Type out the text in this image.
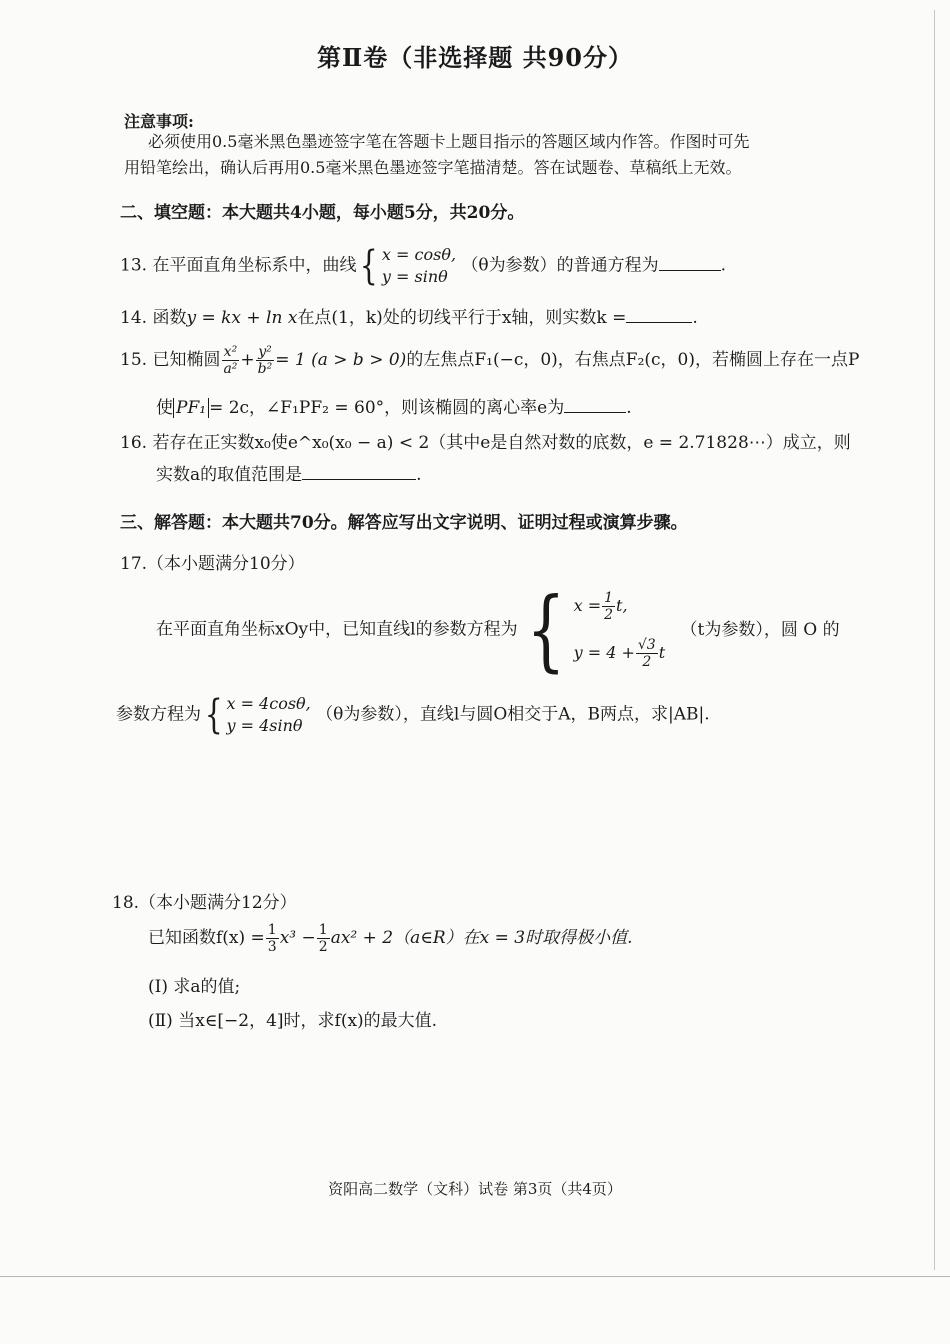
第Ⅱ卷（非选择题 共90分）
注意事项:
必须使用0.5毫米黑色墨迹签字笔在答题卡上题目指示的答题区域内作答。作图时可先
用铅笔绘出，确认后再用0.5毫米黑色墨迹签字笔描清楚。答在试题卷、草稿纸上无效。
二、填空题：本大题共4小题，每小题5分，共20分。
13. 在平面直角坐标系中，曲线{ x = cosθ,
y = sinθ
（θ为参数）的普通方程为	.
14. 函数y = kx + ln x在点(1，k)处的切线平行于x轴，则实数k =	.
15. 已知椭圆 $\frac{\text{x²}}{\text{a²}} + \frac{\text{y²}}{\text{b²}} = 1$ (a > b > 0)的左焦点F₁(−c，0)，右焦点F₂(c，0)，若椭圆上存在一点P
使 PF₁ = 2c，∠F₁PF₂ = 60°，则该椭圆的离心率e为	.
16. 若存在正实数x₀使e^x₀(x₀ − a) < 2（其中e是自然对数的底数，e = 2.71828⋯）成立，则
实数a的取值范围是	.
三、解答题：本大题共70分。解答应写出文字说明、证明过程或演算步骤。
17.（本小题满分10分）
在平面直角坐标xOy中，已知直线l的参数方程为{ $x = \frac{1}{2} t$,
$y = 4 + \frac{√3}{2}$ t
（t为参数），圆 O 的
参数方程为{ x = 4cosθ,
y = 4sinθ
（θ为参数），直线l与圆O相交于A，B两点，求|AB|.
18.（本小题满分12分）
已知函数$f(x) = \frac{1}{3} x^3 - \frac{1}{2} ax^2$ + 2（a∈R）在x = 3时取得极小值.
(Ⅰ) 求a的值;
(Ⅱ) 当x∈[−2，4]时，求f(x)的最大值.
资阳高二数学（文科）试卷 第3页（共4页）
